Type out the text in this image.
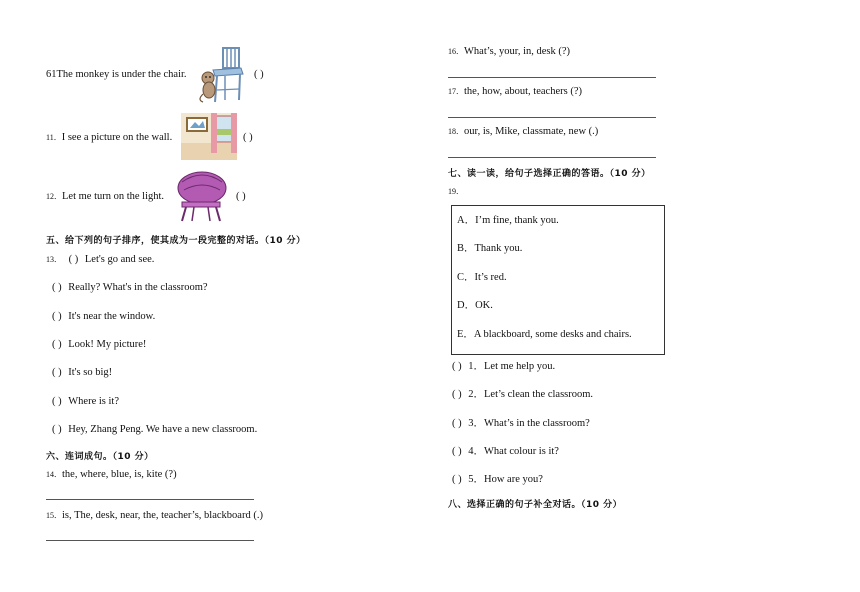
61The monkey is under the chair.	( )
11．I see a picture on the wall.	( )
12．Let me turn on the light.	( )
五、给下列的句子排序，使其成为一段完整的对话。（10 分）
13． ( ) Let's go and see.
( ) Really? What's in the classroom?
( ) It's near the window.
( ) Look! My picture!
( ) It's so big!
( ) Where is it?
( ) Hey, Zhang Peng. We have a new classroom.
六、连词成句。（10 分）
14．the, where, blue, is, kite (?)
15．is, The, desk, near, the, teacher’s, blackboard (.)
16．What’s, your, in, desk (?)
17．the, how, about, teachers (?)
18．our, is, Mike, classmate, new (.)
七、读一读，给句子选择正确的答语。（10 分）
19．
A．I’m fine, thank you.
B．Thank you.
C．It’s red.
D．OK.
E．A blackboard, some desks and chairs.
( ) 1．Let me help you.
( ) 2．Let’s clean the classroom.
( ) 3．What’s in the classroom?
( ) 4．What colour is it?
( ) 5．How are you?
八、选择正确的句子补全对话。（10 分）
